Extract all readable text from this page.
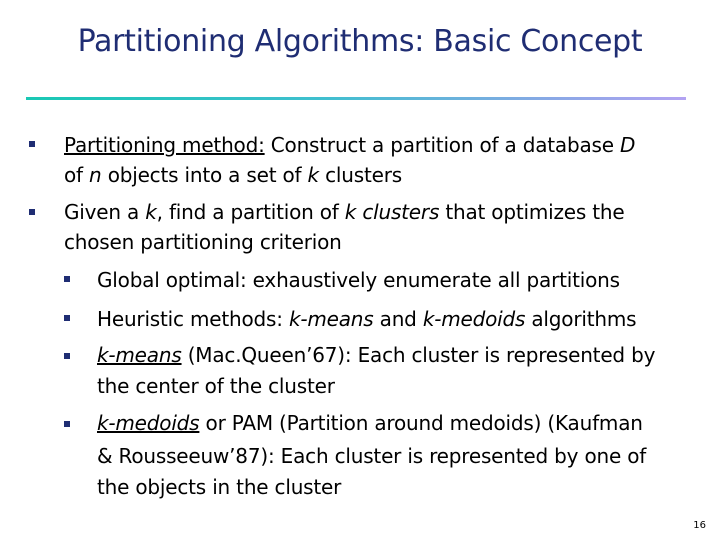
Partitioning Algorithms: Basic Concept
Partitioning method: Construct a partition of a database D
of n objects into a set of k clusters
Given a k, find a partition of k clusters that optimizes the
chosen partitioning criterion
Global optimal: exhaustively enumerate all partitions
Heuristic methods: k-means and k-medoids algorithms
k-means (Mac.Queen’67): Each cluster is represented by
the center of the cluster
k-medoids or PAM (Partition around medoids) (Kaufman
& Rousseeuw’87): Each cluster is represented by one of
the objects in the cluster
16
